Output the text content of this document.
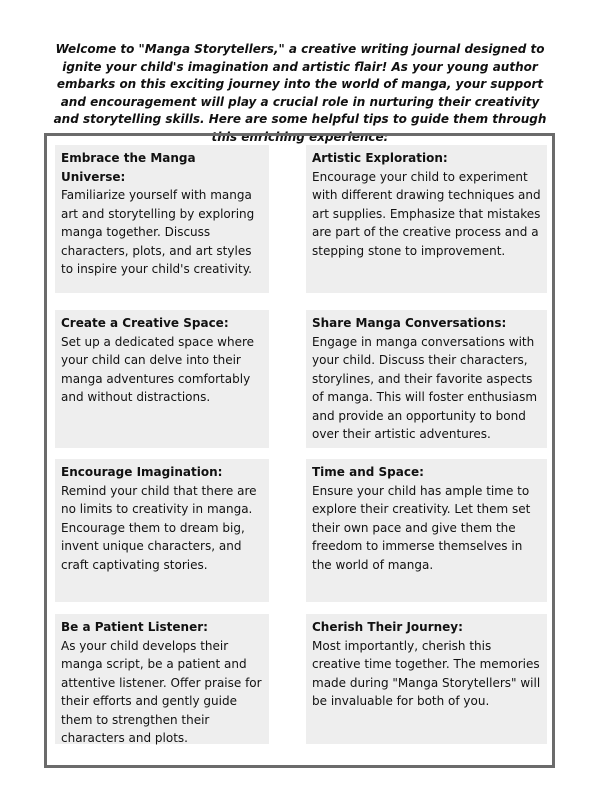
Welcome to "Manga Storytellers," a creative writing journal designed to ignite your child's imagination and artistic flair! As your young author embarks on this exciting journey into the world of manga, your support and encouragement will play a crucial role in nurturing their creativity and storytelling skills. Here are some helpful tips to guide them through this enriching experience:

Embrace the Manga Universe:
Familiarize yourself with manga art and storytelling by exploring manga together. Discuss characters, plots, and art styles to inspire your child's creativity.
Artistic Exploration:
Encourage your child to experiment with different drawing techniques and art supplies. Emphasize that mistakes are part of the creative process and a stepping stone to improvement.
Create a Creative Space:
Set up a dedicated space where your child can delve into their manga adventures comfortably and without distractions.
Share Manga Conversations:
Engage in manga conversations with your child. Discuss their characters, storylines, and their favorite aspects of manga. This will foster enthusiasm and provide an opportunity to bond over their artistic adventures.
Encourage Imagination:
Remind your child that there are no limits to creativity in manga. Encourage them to dream big, invent unique characters, and craft captivating stories.
Time and Space:
Ensure your child has ample time to explore their creativity. Let them set their own pace and give them the freedom to immerse themselves in the world of manga.
Be a Patient Listener:
As your child develops their manga script, be a patient and attentive listener. Offer praise for their efforts and gently guide them to strengthen their characters and plots.
Cherish Their Journey:
Most importantly, cherish this creative time together. The memories made during "Manga Storytellers" will be invaluable for both of you.
